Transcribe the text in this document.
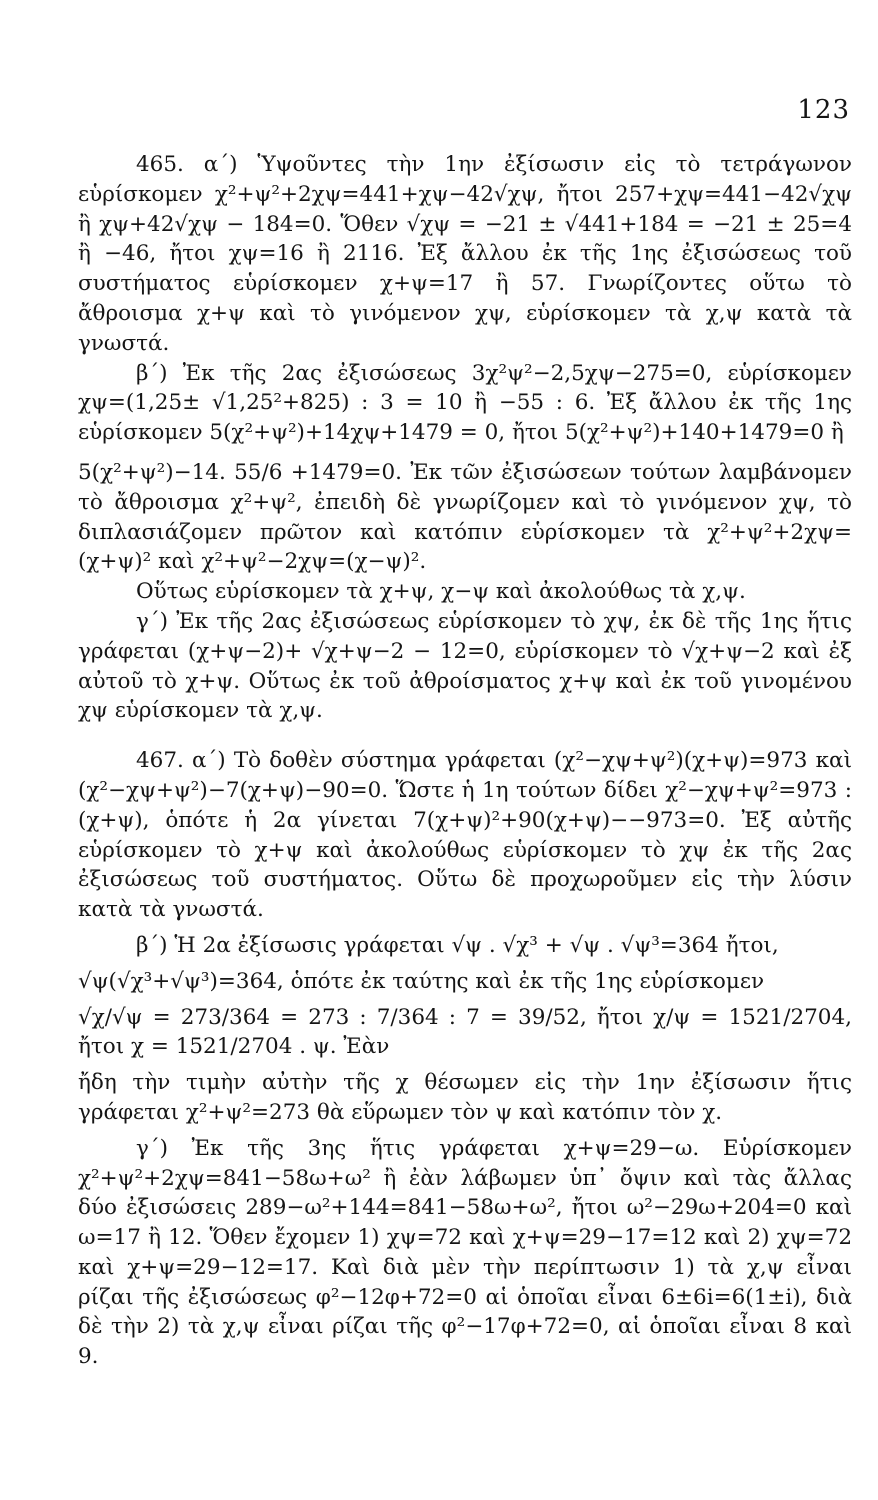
123

465. α΄) Ὑψοῦντες τὴν 1ην ἐξίσωσιν εἰς τὸ τετράγωνον εὑρίσκομεν χ²+ψ²+2χψ=441+χψ−42√χψ, ἤτοι 257+χψ=441−42√χψ ἢ χψ+42√χψ − 184=0. Ὅθεν √χψ = −21 ± √441+184 = −21 ± 25=4 ἢ −46, ἤτοι χψ=16 ἢ 2116. Ἐξ ἄλλου ἐκ τῆς 1ης ἐξισώσεως τοῦ συστήματος εὑρίσκομεν χ+ψ=17 ἢ 57. Γνωρίζοντες οὕτω τὸ ἄθροισμα χ+ψ καὶ τὸ γινόμενον χψ, εὑρίσκομεν τὰ χ,ψ κατὰ τὰ γνωστά.

β΄) Ἐκ τῆς 2ας ἐξισώσεως 3χ²ψ²−2,5χψ−275=0, εὑρίσκομεν χψ=(1,25± √1,25²+825) : 3 = 10 ἢ −55 : 6. Ἐξ ἄλλου ἐκ τῆς 1ης εὑρίσκομεν 5(χ²+ψ²)+14χψ+1479 = 0, ἤτοι 5(χ²+ψ²)+140+1479=0 ἢ

5(χ²+ψ²)−14. 55/6 +1479=0. Ἐκ τῶν ἐξισώσεων τούτων λαμβάνομεν τὸ ἄθροισμα χ²+ψ², ἐπειδὴ δὲ γνωρίζομεν καὶ τὸ γινόμενον χψ, τὸ διπλασιάζομεν πρῶτον καὶ κατόπιν εὑρίσκομεν τὰ χ²+ψ²+2χψ=(χ+ψ)² καὶ χ²+ψ²−2χψ=(χ−ψ)².

Οὕτως εὑρίσκομεν τὰ χ+ψ, χ−ψ καὶ ἀκολούθως τὰ χ,ψ.

γ΄) Ἐκ τῆς 2ας ἐξισώσεως εὑρίσκομεν τὸ χψ, ἐκ δὲ τῆς 1ης ἥτις γράφεται (χ+ψ−2)+ √χ+ψ−2 − 12=0, εὑρίσκομεν τὸ √χ+ψ−2 καὶ ἐξ αὐτοῦ τὸ χ+ψ. Οὕτως ἐκ τοῦ ἀθροίσματος χ+ψ καὶ ἐκ τοῦ γινομένου χψ εὑρίσκομεν τὰ χ,ψ.

467. α΄) Τὸ δοθὲν σύστημα γράφεται (χ²−χψ+ψ²)(χ+ψ)=973 καὶ (χ²−χψ+ψ²)−7(χ+ψ)−90=0. Ὥστε ἡ 1η τούτων δίδει χ²−χψ+ψ²=973 : (χ+ψ), ὁπότε ἡ 2α γίνεται 7(χ+ψ)²+90(χ+ψ)−−973=0. Ἐξ αὐτῆς εὑρίσκομεν τὸ χ+ψ καὶ ἀκολούθως εὑρίσκομεν τὸ χψ ἐκ τῆς 2ας ἐξισώσεως τοῦ συστήματος. Οὕτω δὲ προχωροῦμεν εἰς τὴν λύσιν κατὰ τὰ γνωστά.

β΄) Ἡ 2α ἐξίσωσις γράφεται √ψ . √χ³ + √ψ . √ψ³=364 ἤτοι,

√ψ(√χ³+√ψ³)=364, ὁπότε ἐκ ταύτης καὶ ἐκ τῆς 1ης εὑρίσκομεν

√χ/√ψ = 273/364 = 273 : 7/364 : 7 = 39/52, ἤτοι χ/ψ = 1521/2704, ἤτοι χ = 1521/2704 . ψ. Ἐὰν

ἤδη τὴν τιμὴν αὐτὴν τῆς χ θέσωμεν εἰς τὴν 1ην ἐξίσωσιν ἥτις γράφεται χ²+ψ²=273 θὰ εὕρωμεν τὸν ψ καὶ κατόπιν τὸν χ.

γ΄) Ἐκ τῆς 3ης ἥτις γράφεται χ+ψ=29−ω. Εὑρίσκομεν χ²+ψ²+2χψ=841−58ω+ω² ἢ ἐὰν λάβωμεν ὑπ᾽ ὄψιν καὶ τὰς ἄλλας δύο ἐξισώσεις 289−ω²+144=841−58ω+ω², ἤτοι ω²−29ω+204=0 καὶ ω=17 ἢ 12. Ὅθεν ἔχομεν 1) χψ=72 καὶ χ+ψ=29−17=12 καὶ 2) χψ=72 καὶ χ+ψ=29−12=17. Καὶ διὰ μὲν τὴν περίπτωσιν 1) τὰ χ,ψ εἶναι ρίζαι τῆς ἐξισώσεως φ²−12φ+72=0 αἱ ὁποῖαι εἶναι 6±6i=6(1±i), διὰ δὲ τὴν 2) τὰ χ,ψ εἶναι ρίζαι τῆς φ²−17φ+72=0, αἱ ὁποῖαι εἶναι 8 καὶ 9.
